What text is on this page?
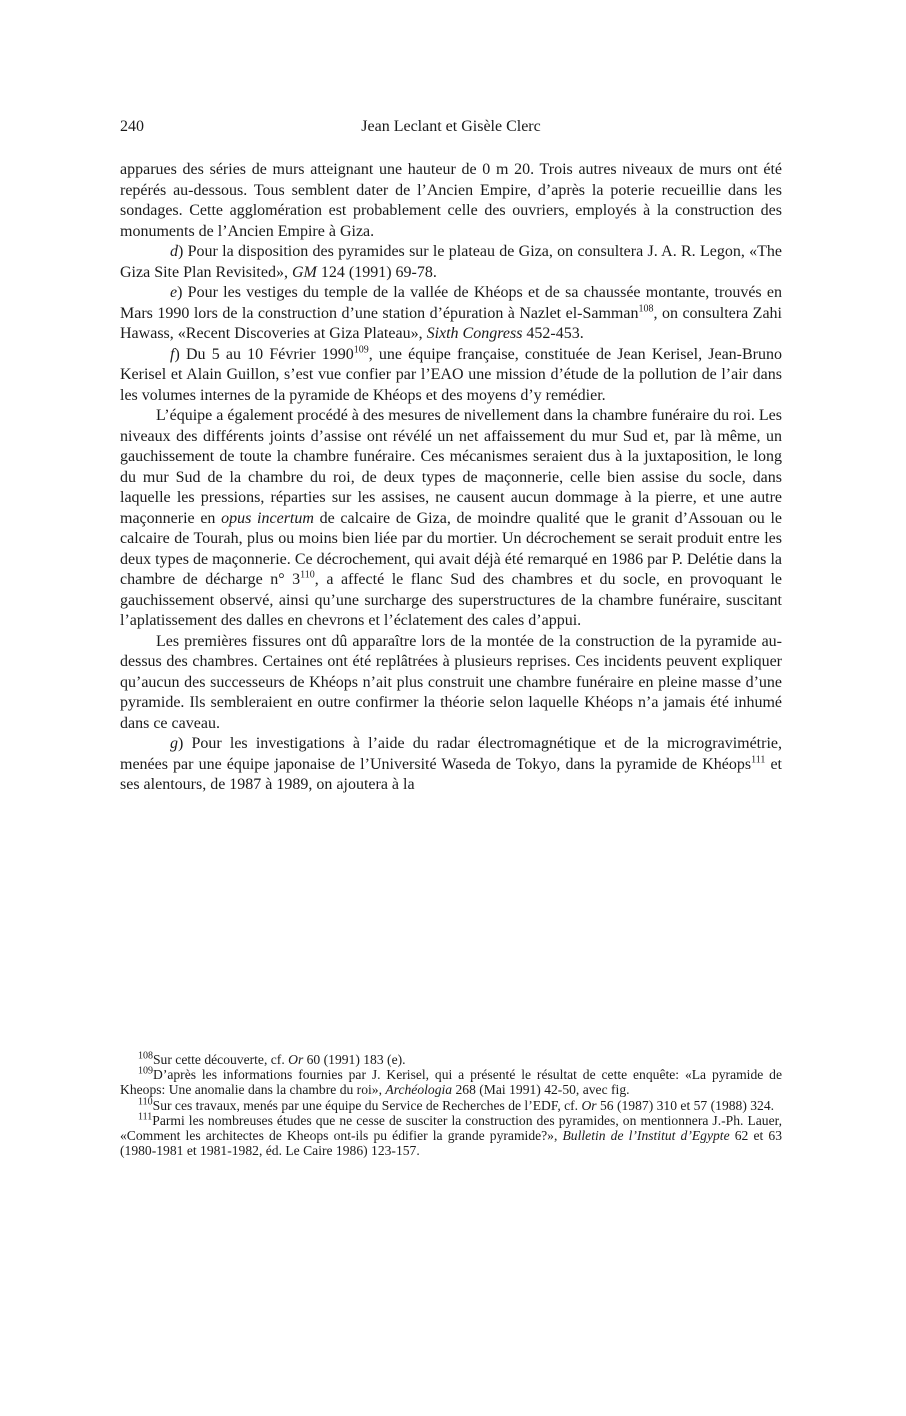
240	Jean Leclant et Gisèle Clerc

apparues des séries de murs atteignant une hauteur de 0 m 20. Trois autres niveaux de murs ont été repérés au-dessous. Tous semblent dater de l’Ancien Empire, d’après la poterie recueillie dans les sondages. Cette agglomération est probablement celle des ouvriers, employés à la construction des monuments de l’Ancien Empire à Giza.

d) Pour la disposition des pyramides sur le plateau de Giza, on consultera J. A. R. Legon, «The Giza Site Plan Revisited», GM 124 (1991) 69-78.

e) Pour les vestiges du temple de la vallée de Khéops et de sa chaussée montante, trouvés en Mars 1990 lors de la construction d’une station d’épuration à Nazlet el-Samman$^{108}$, on consultera Zahi Hawass, «Recent Discoveries at Giza Plateau», Sixth Congress 452-453.

f) Du 5 au 10 Février 1990$^{109}$, une équipe française, constituée de Jean Kerisel, Jean-Bruno Kerisel et Alain Guillon, s’est vue confier par l’EAO une mission d’étude de la pollution de l’air dans les volumes internes de la pyramide de Khéops et des moyens d’y remédier.

L’équipe a également procédé à des mesures de nivellement dans la chambre funéraire du roi. Les niveaux des différents joints d’assise ont révélé un net affaissement du mur Sud et, par là même, un gauchissement de toute la chambre funéraire. Ces mécanismes seraient dus à la juxtaposition, le long du mur Sud de la chambre du roi, de deux types de maçonnerie, celle bien assise du socle, dans laquelle les pressions, réparties sur les assises, ne causent aucun dommage à la pierre, et une autre maçonnerie en opus incertum de calcaire de Giza, de moindre qualité que le granit d’Assouan ou le calcaire de Tourah, plus ou moins bien liée par du mortier. Un décrochement se serait produit entre les deux types de maçonnerie. Ce décrochement, qui avait déjà été remarqué en 1986 par P. Delétie dans la chambre de décharge n° $3^{110}$, a affecté le flanc Sud des chambres et du socle, en provoquant le gauchissement observé, ainsi qu’une surcharge des superstructures de la chambre funéraire, suscitant l’aplatissement des dalles en chevrons et l’éclatement des cales d’appui.

Les premières fissures ont dû apparaître lors de la montée de la construction de la pyramide au-dessus des chambres. Certaines ont été replâtrées à plusieurs reprises. Ces incidents peuvent expliquer qu’aucun des successeurs de Khéops n’ait plus construit une chambre funéraire en pleine masse d’une pyramide. Ils sembleraient en outre confirmer la théorie selon laquelle Khéops n’a jamais été inhumé dans ce caveau.

g) Pour les investigations à l’aide du radar électromagnétique et de la microgravimétrie, menées par une équipe japonaise de l’Université Waseda de Tokyo, dans la pyramide de Khéops$^{111}$ et ses alentours, de 1987 à 1989, on ajoutera à la

$^{108}$Sur cette découverte, cf. Or 60 (1991) 183 (e).

$^{109}$D’après les informations fournies par J. Kerisel, qui a présenté le résultat de cette enquête: «La pyramide de Kheops: Une anomalie dans la chambre du roi», Archéologia 268 (Mai 1991) 42-50, avec fig.

$^{110}$Sur ces travaux, menés par une équipe du Service de Recherches de l’EDF, cf. Or 56 (1987) 310 et 57 (1988) 324.

$^{111}$Parmi les nombreuses études que ne cesse de susciter la construction des pyramides, on mentionnera J.-Ph. Lauer, «Comment les architectes de Kheops ont-ils pu édifier la grande pyramide?», Bulletin de l’Institut d’Egypte 62 et 63 (1980-1981 et 1981-1982, éd. Le Caire 1986) 123-157.
